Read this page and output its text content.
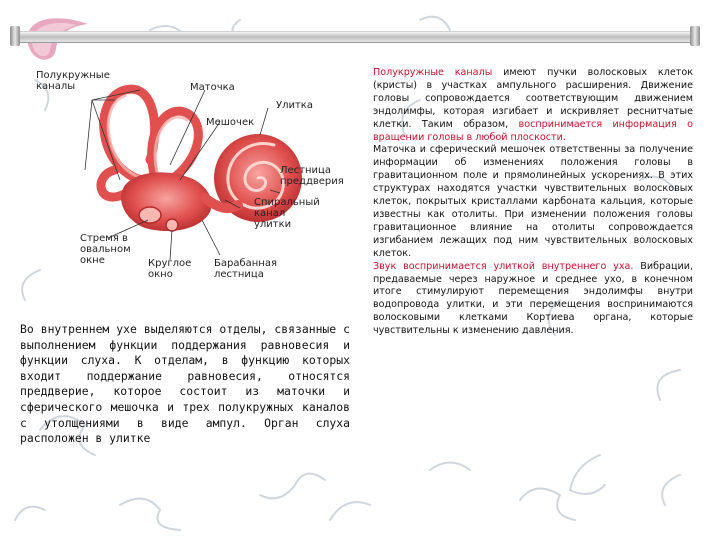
Полукружные
каналы	Маточка
Улитка
Мешочек
Лестница
преддверия
Спиральный
канал
улитки
Стремя в
овальном
окне	Круглое
окно
Барабанная
лестница
Во внутреннем ухе выделяются отделы, связанные с выполнением функции поддержания равновесия и функции слуха. К отделам, в функцию которых входит поддержание равновесия, относятся преддверие, которое состоит из маточки и сферического мешочка и трех полукружных каналов с утолщениями в виде ампул. Орган слуха расположен в улитке

Полукружные каналы имеют пучки волосковых клеток (кристы) в участках ампульного расширения. Движение головы сопровождается соответствующим движением эндолимфы, которая изгибает и искривляет реснитчатые клетки. Таким образом, воспринимается информация о вращении головы в любой плоскости.

Маточка и сферический мешочек ответственны за получение информации об изменениях положения головы в гравитационном поле и прямолинейных ускорениях. В этих структурах находятся участки чувствительных волосковых клеток, покрытых кристаллами карбоната кальция, которые известны как отолиты. При изменении положения головы гравитационное влияние на отолиты сопровождается изгибанием лежащих под ним чувствительных волосковых клеток.

Звук воспринимается улиткой внутреннего уха. Вибрации, предаваемые через наружное и среднее ухо, в конечном итоге стимулируют перемещения эндолимфы внутри водопровода улитки, и эти перемещения воспринимаются волосковыми клетками Кортиева органа, которые чувствительны к изменению давления.
